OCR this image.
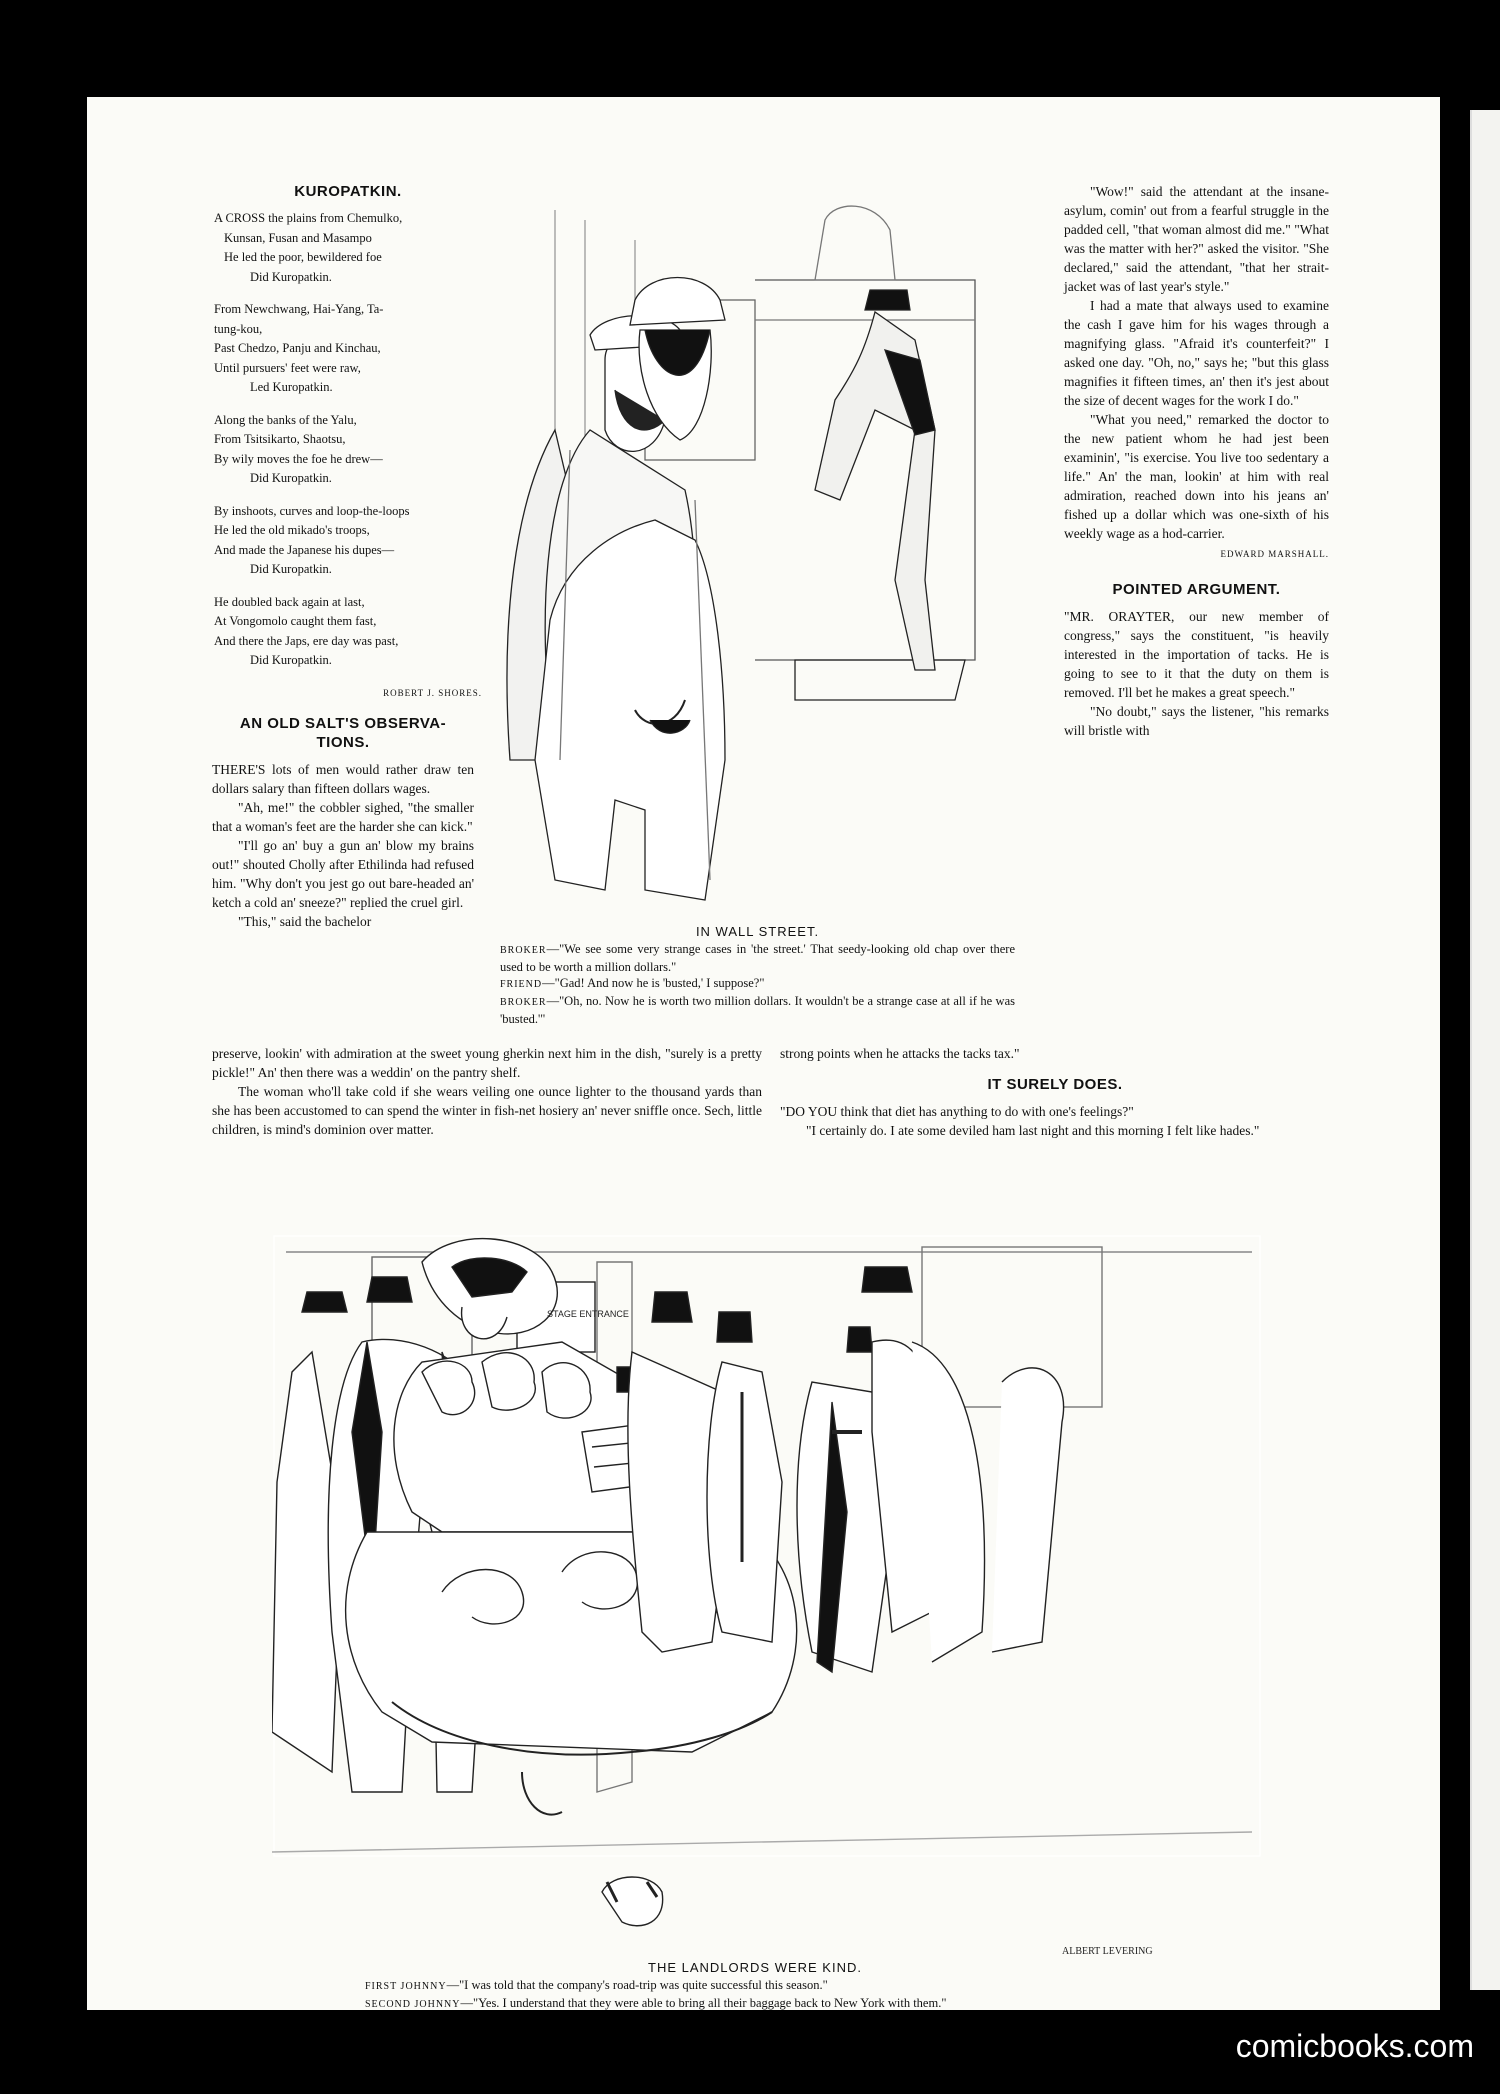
KUROPATKIN.
A CROSS the plains from Chemulko,
Kunsan, Fusan and Masampo
He led the poor, bewildered foe
Did Kuropatkin.
From Newchwang, Hai-Yang, Ta-
tung-kou,
Past Chedzo, Panju and Kinchau,
Until pursuers' feet were raw,
Led Kuropatkin.
Along the banks of the Yalu,
From Tsitsikarto, Shaotsu,
By wily moves the foe he drew—
Did Kuropatkin.
By inshoots, curves and loop-the-loops
He led the old mikado's troops,
And made the Japanese his dupes—
Did Kuropatkin.
He doubled back again at last,
At Vongomolo caught them fast,
And there the Japs, ere day was past,
Did Kuropatkin.
ROBERT J. SHORES.
AN OLD SALT'S OBSERVA-
TIONS.

THERE'S lots of men would rather draw ten dollars salary than fifteen dollars wages.

"Ah, me!" the cobbler sighed, "the smaller that a woman's feet are the harder she can kick."

"I'll go an' buy a gun an' blow my brains out!" shouted Cholly after Ethilinda had refused him. "Why don't you jest go out bare-headed an' ketch a cold an' sneeze?" replied the cruel girl.

"This," said the bachelor

IN WALL STREET.
BROKER—"We see some very strange cases in 'the street.' That seedy-looking old chap over there used to be worth a million dollars."
FRIEND—"Gad! And now he is 'busted,' I suppose?"
BROKER—"Oh, no. Now he is worth two million dollars. It wouldn't be a strange case at all if he was 'busted.'"

preserve, lookin' with admiration at the sweet young gherkin next him in the dish, "surely is a pretty pickle!" An' then there was a weddin' on the pantry shelf.

The woman who'll take cold if she wears veiling one ounce lighter to the thousand yards than she has been accustomed to can spend the winter in fish-net hosiery an' never sniffle once. Sech, little children, is mind's dominion over matter.

"Wow!" said the attendant at the insane-asylum, comin' out from a fearful struggle in the padded cell, "that woman almost did me." "What was the matter with her?" asked the visitor. "She declared," said the attendant, "that her strait-jacket was of last year's style."

I had a mate that always used to examine the cash I gave him for his wages through a magnifying glass. "Afraid it's counterfeit?" I asked one day. "Oh, no," says he; "but this glass magnifies it fifteen times, an' then it's jest about the size of decent wages for the work I do."

"What you need," remarked the doctor to the new patient whom he had jest been examinin', "is exercise. You live too sedentary a life." An' the man, lookin' at him with real admiration, reached down into his jeans an' fished up a dollar which was one-sixth of his weekly wage as a hod-carrier.

EDWARD MARSHALL.
POINTED ARGUMENT.

"MR. ORAYTER, our new member of congress," says the constituent, "is heavily interested in the importation of tacks. He is going to see to it that the duty on them is removed. I'll bet he makes a great speech."

"No doubt," says the listener, "his remarks will bristle with

strong points when he attacks the tacks tax."

IT SURELY DOES.

"DO YOU think that diet has anything to do with one's feelings?"

"I certainly do. I ate some deviled ham last night and this morning I felt like hades."

STAGE ENTRANCE
ALBERT LEVERING
THE LANDLORDS WERE KIND.
FIRST JOHNNY—"I was told that the company's road-trip was quite successful this season."
SECOND JOHNNY—"Yes. I understand that they were able to bring all their baggage back to New York with them."
comicbooks.com
